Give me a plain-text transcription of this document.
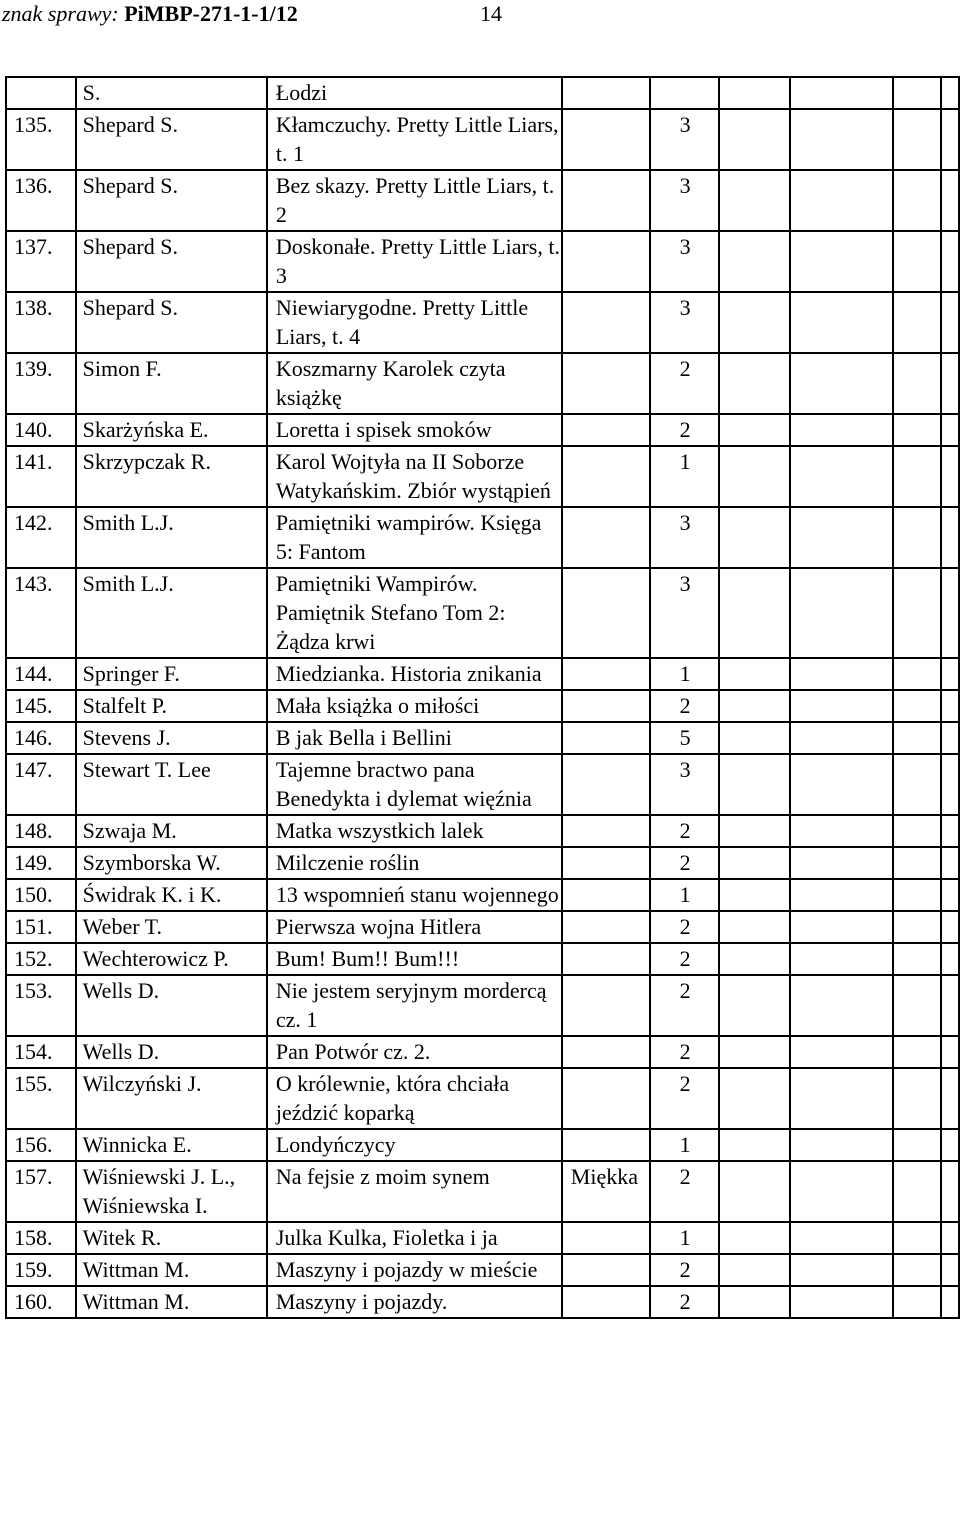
znak sprawy: PiMBP-271-1-1/12	14
	S.	Łodzi						
135.	Shepard S.	Kłamczuchy. Pretty Little Liars, t. 1		3				
136.	Shepard S.	Bez skazy. Pretty Little Liars, t. 2		3				
137.	Shepard S.	Doskonałe. Pretty Little Liars, t. 3		3				
138.	Shepard S.	Niewiarygodne. Pretty Little Liars, t. 4		3				
139.	Simon F.	Koszmarny Karolek czyta książkę		2				
140.	Skarżyńska E.	Loretta i spisek smoków		2				
141.	Skrzypczak R.	Karol Wojtyła na II Soborze Watykańskim. Zbiór wystąpień		1				
142.	Smith L.J.	Pamiętniki wampirów. Księga 5: Fantom		3				
143.	Smith L.J.	Pamiętniki Wampirów. Pamiętnik Stefano Tom 2: Żądza krwi		3				
144.	Springer F.	Miedzianka. Historia znikania		1				
145.	Stalfelt P.	Mała książka o miłości		2				
146.	Stevens J.	B jak Bella i Bellini		5				
147.	Stewart T. Lee	Tajemne bractwo pana Benedykta i dylemat więźnia		3				
148.	Szwaja M.	Matka wszystkich lalek		2				
149.	Szymborska W.	Milczenie roślin		2				
150.	Świdrak K. i K.	13 wspomnień stanu wojennego		1				
151.	Weber T.	Pierwsza wojna Hitlera		2				
152.	Wechterowicz P.	Bum! Bum!! Bum!!!		2				
153.	Wells D.	Nie jestem seryjnym mordercą cz. 1		2				
154.	Wells D.	Pan Potwór cz. 2.		2				
155.	Wilczyński J.	O królewnie, która chciała jeździć koparką		2				
156.	Winnicka E.	Londyńczycy		1				
157.	Wiśniewski J. L., Wiśniewska I.	Na fejsie z moim synem	Miękka	2				
158.	Witek R.	Julka Kulka, Fioletka i ja		1				
159.	Wittman M.	Maszyny i pojazdy w mieście		2				
160.	Wittman M.	Maszyny i pojazdy.		2				
